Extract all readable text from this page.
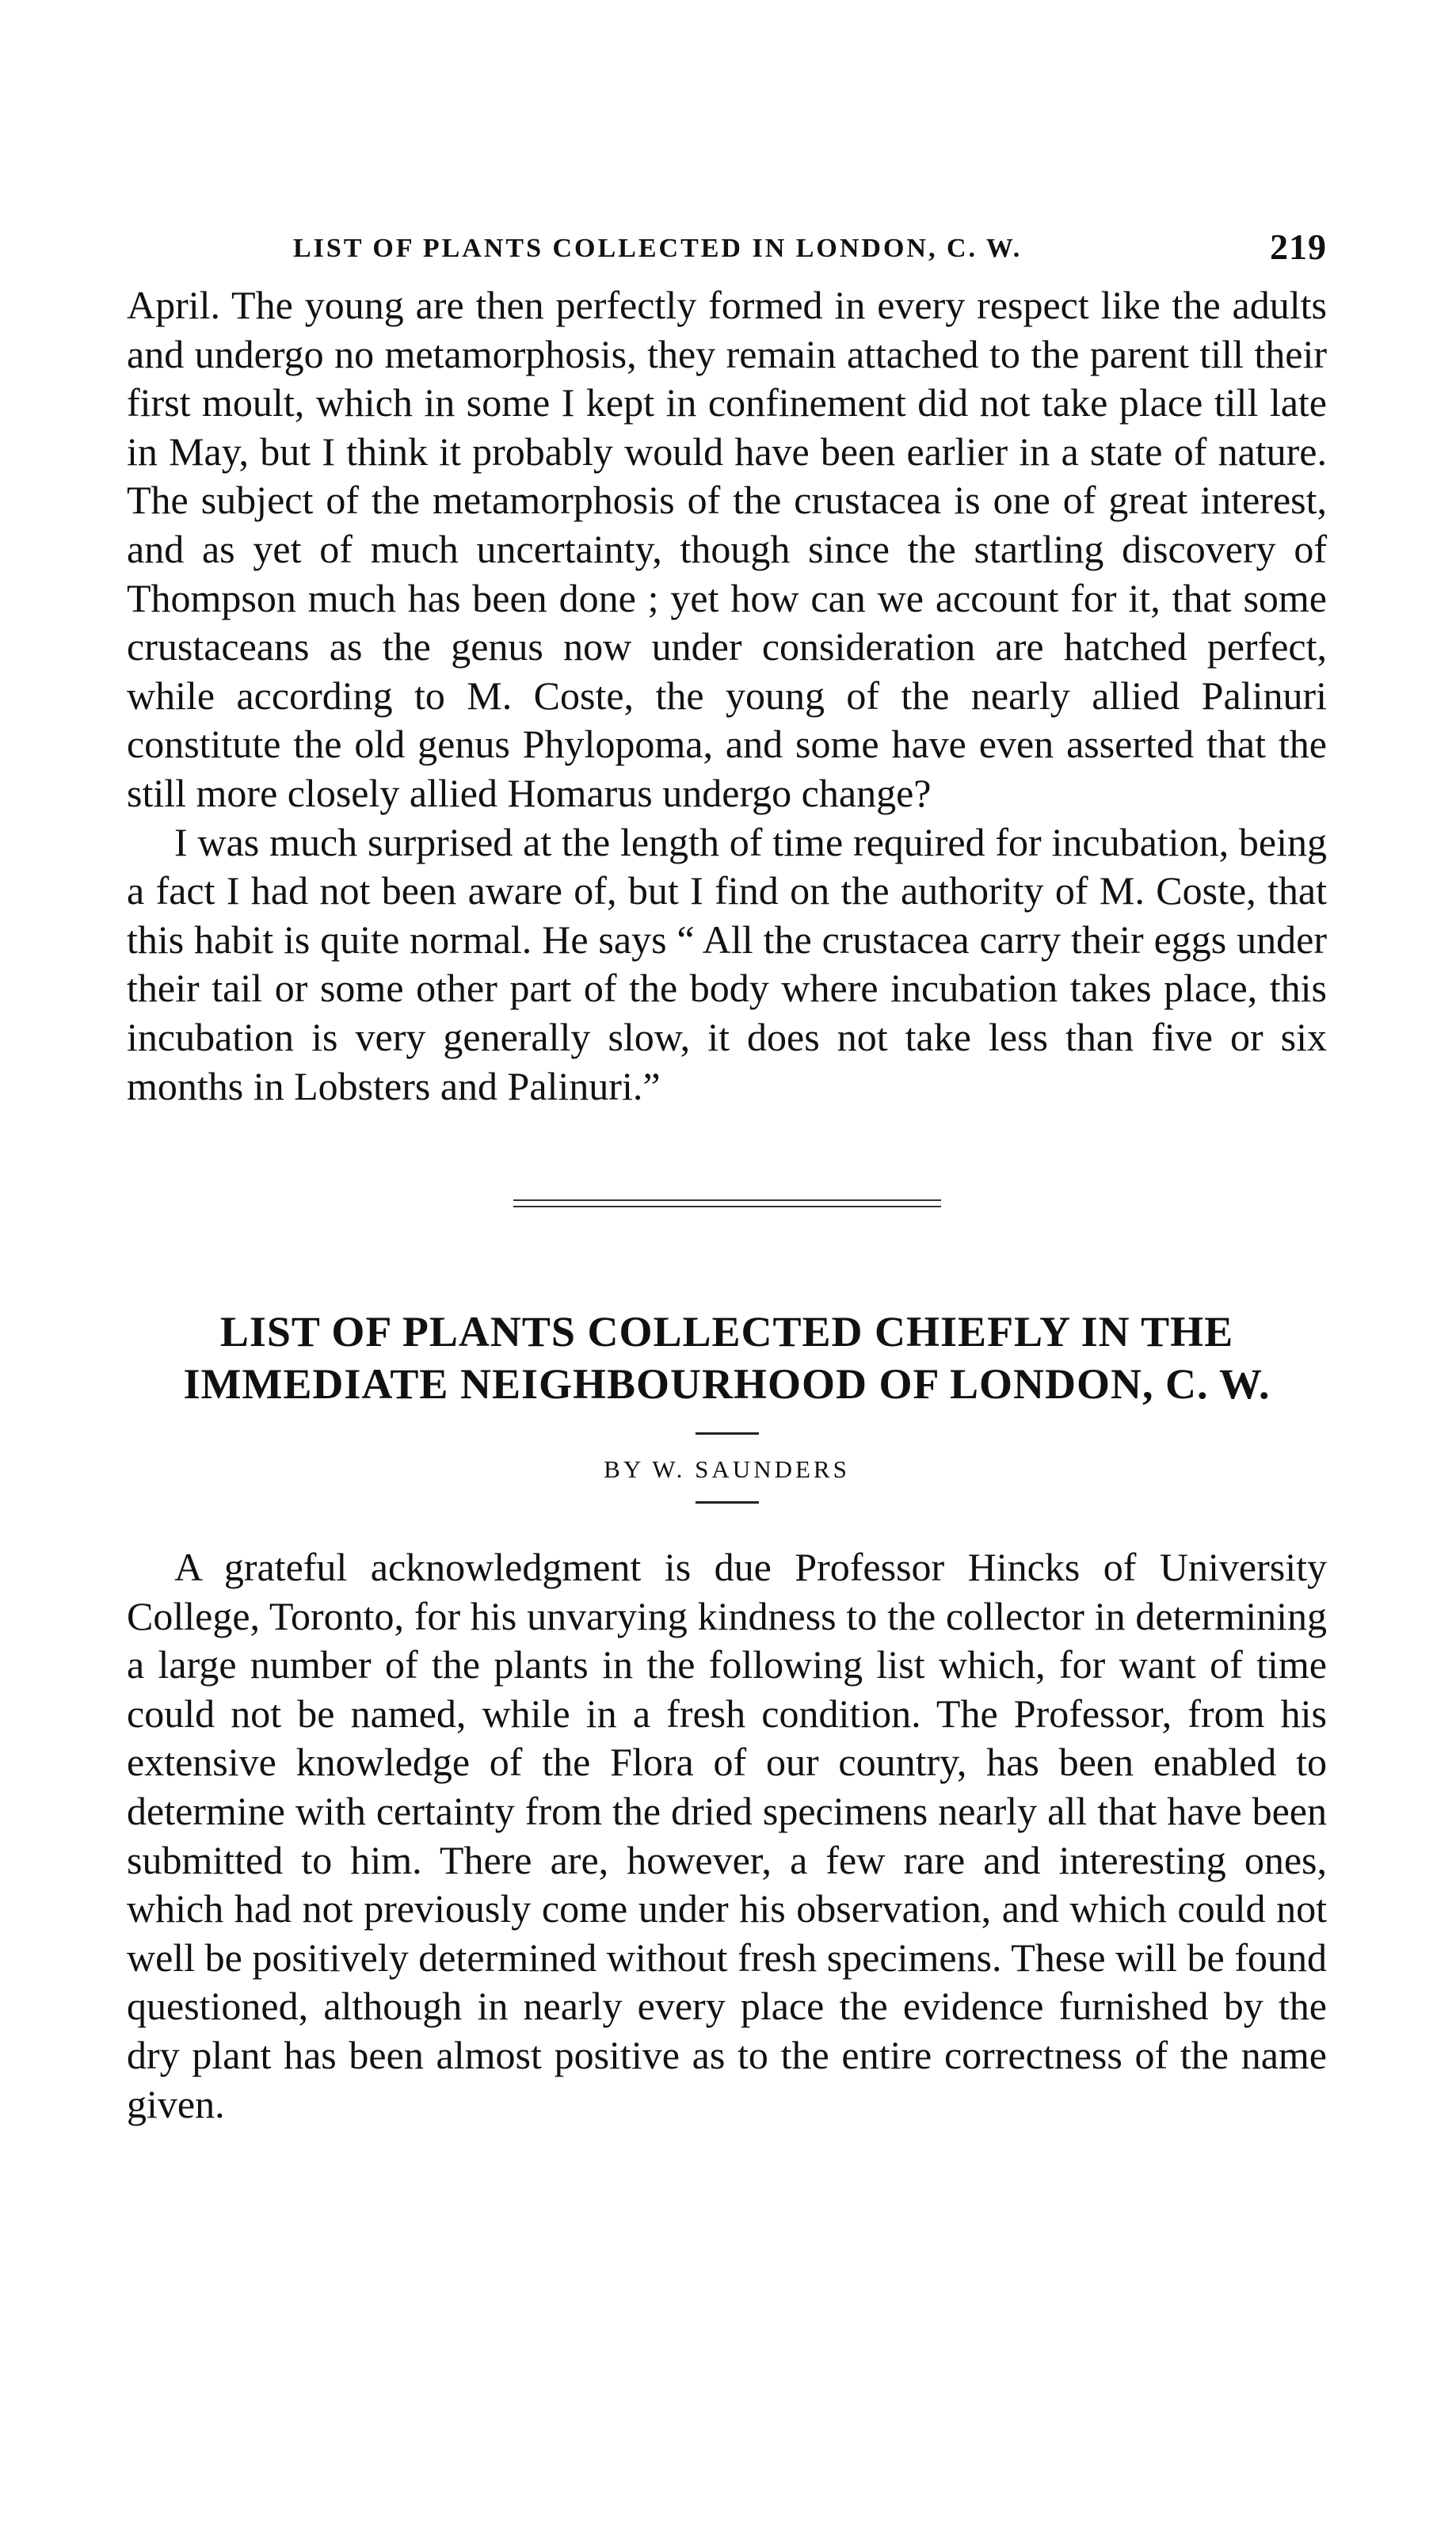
LIST OF PLANTS COLLECTED IN LONDON, C. W.	219

April. The young are then perfectly formed in every respect like the adults and undergo no metamorphosis, they remain attached to the parent till their first moult, which in some I kept in confinement did not take place till late in May, but I think it probably would have been earlier in a state of nature. The subject of the metamorphosis of the crustacea is one of great interest, and as yet of much uncertainty, though since the startling discovery of Thompson much has been done ; yet how can we account for it, that some crustaceans as the genus now under consideration are hatched perfect, while according to M. Coste, the young of the nearly allied Palinuri constitute the old genus Phylopoma, and some have even asserted that the still more closely allied Homarus undergo change?

I was much surprised at the length of time required for incubation, being a fact I had not been aware of, but I find on the authority of M. Coste, that this habit is quite normal. He says “ All the crustacea carry their eggs under their tail or some other part of the body where incubation takes place, this incubation is very generally slow, it does not take less than five or six months in Lobsters and Palinuri.”

LIST OF PLANTS COLLECTED CHIEFLY IN THE IMMEDIATE NEIGHBOURHOOD OF LONDON, C. W.
BY W. SAUNDERS

A grateful acknowledgment is due Professor Hincks of University College, Toronto, for his unvarying kindness to the collector in determining a large number of the plants in the following list which, for want of time could not be named, while in a fresh condition. The Professor, from his extensive knowledge of the Flora of our country, has been enabled to determine with certainty from the dried specimens nearly all that have been submitted to him. There are, however, a few rare and interesting ones, which had not previously come under his observation, and which could not well be positively determined without fresh specimens. These will be found questioned, although in nearly every place the evidence furnished by the dry plant has been almost positive as to the entire correctness of the name given.
